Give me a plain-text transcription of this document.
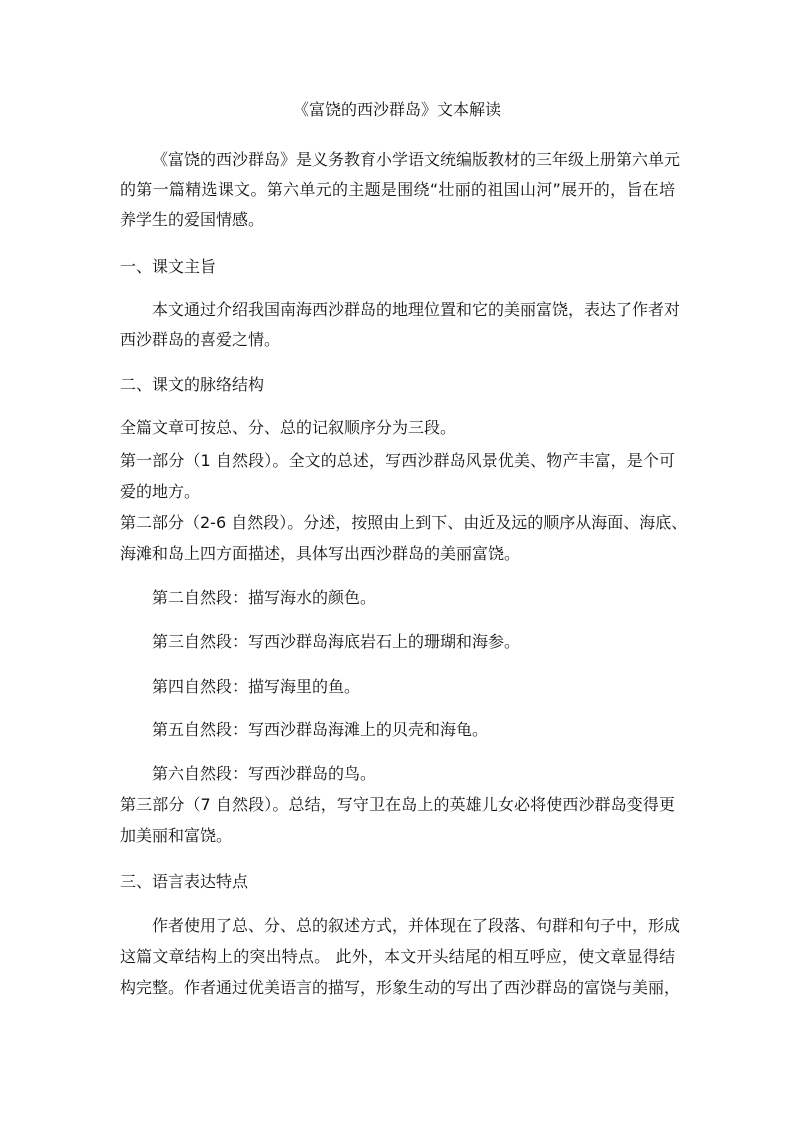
《富饶的西沙群岛》文本解读
《富饶的西沙群岛》是义务教育小学语文统编版教材的三年级上册第六单元
的第一篇精选课文。第六单元的主题是围绕“壮丽的祖国山河”展开的，旨在培
养学生的爱国情感。
一、课文主旨
本文通过介绍我国南海西沙群岛的地理位置和它的美丽富饶，表达了作者对
西沙群岛的喜爱之情。
二、课文的脉络结构
全篇文章可按总、分、总的记叙顺序分为三段。
第一部分（1 自然段）。全文的总述，写西沙群岛风景优美、物产丰富，是个可
爱的地方。
第二部分（2-6 自然段）。分述，按照由上到下、由近及远的顺序从海面、海底、
海滩和岛上四方面描述，具体写出西沙群岛的美丽富饶。
第二自然段：描写海水的颜色。
第三自然段：写西沙群岛海底岩石上的珊瑚和海参。
第四自然段：描写海里的鱼。
第五自然段：写西沙群岛海滩上的贝壳和海龟。
第六自然段：写西沙群岛的鸟。
第三部分（7 自然段）。总结，写守卫在岛上的英雄儿女必将使西沙群岛变得更
加美丽和富饶。
三、语言表达特点
作者使用了总、分、总的叙述方式，并体现在了段落、句群和句子中，形成
这篇文章结构上的突出特点。 此外，本文开头结尾的相互呼应，使文章显得结
构完整。作者通过优美语言的描写，形象生动的写出了西沙群岛的富饶与美丽，
